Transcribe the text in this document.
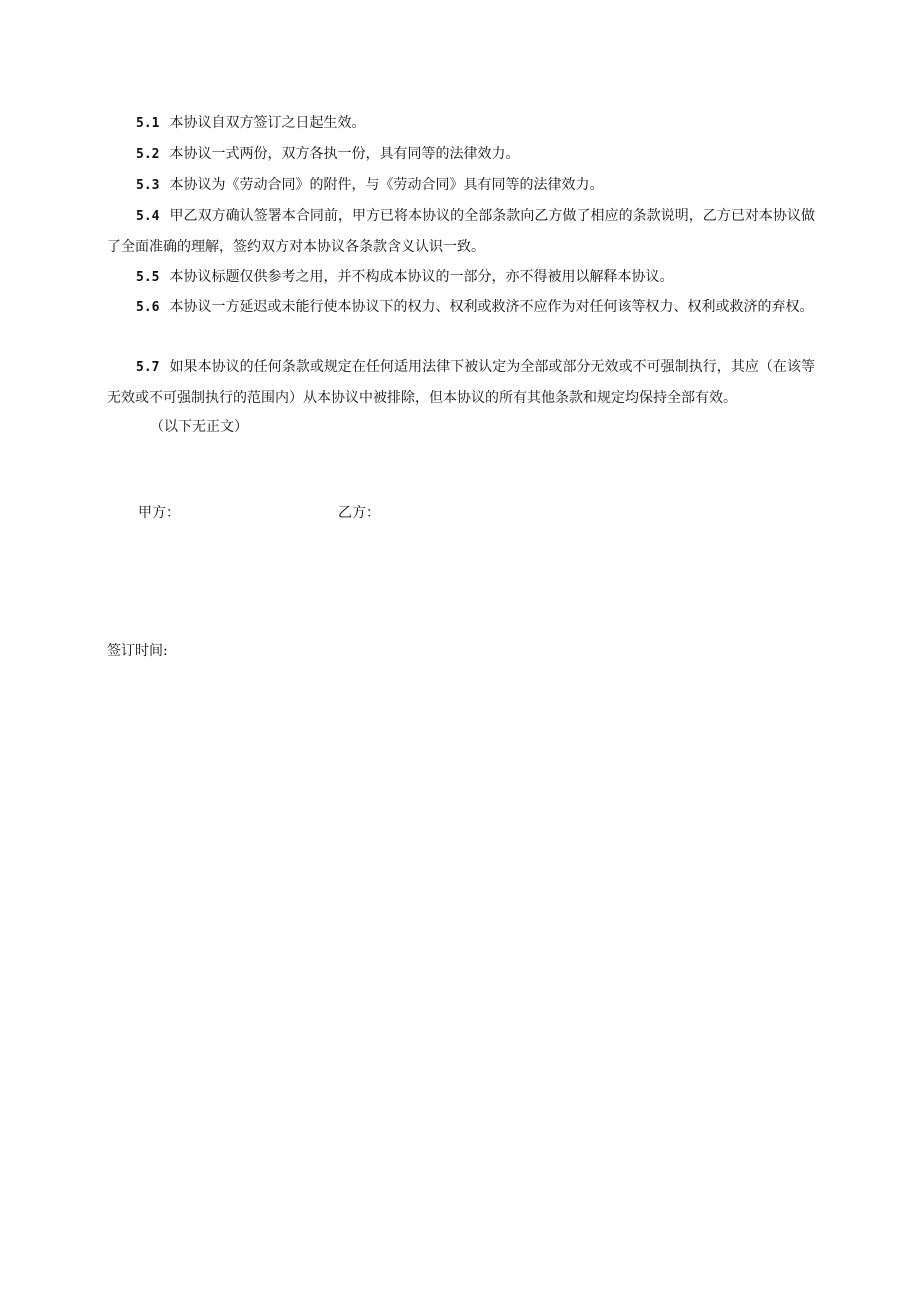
5.1 本协议自双方签订之日起生效。

5.2 本协议一式两份，双方各执一份，具有同等的法律效力。

5.3 本协议为《劳动合同》的附件，与《劳动合同》具有同等的法律效力。

5.4 甲乙双方确认签署本合同前，甲方已将本协议的全部条款向乙方做了相应的条款说明，乙方已对本协议做了全面准确的理解，签约双方对本协议各条款含义认识一致。

5.5 本协议标题仅供参考之用，并不构成本协议的一部分，亦不得被用以解释本协议。

5.6 本协议一方延迟或未能行使本协议下的权力、权利或救济不应作为对任何该等权力、权利或救济的弃权。

5.7 如果本协议的任何条款或规定在任何适用法律下被认定为全部或部分无效或不可强制执行，其应（在该等无效或不可强制执行的范围内）从本协议中被排除，但本协议的所有其他条款和规定均保持全部有效。

（以下无正文）

甲方：	乙方：
签订时间:
